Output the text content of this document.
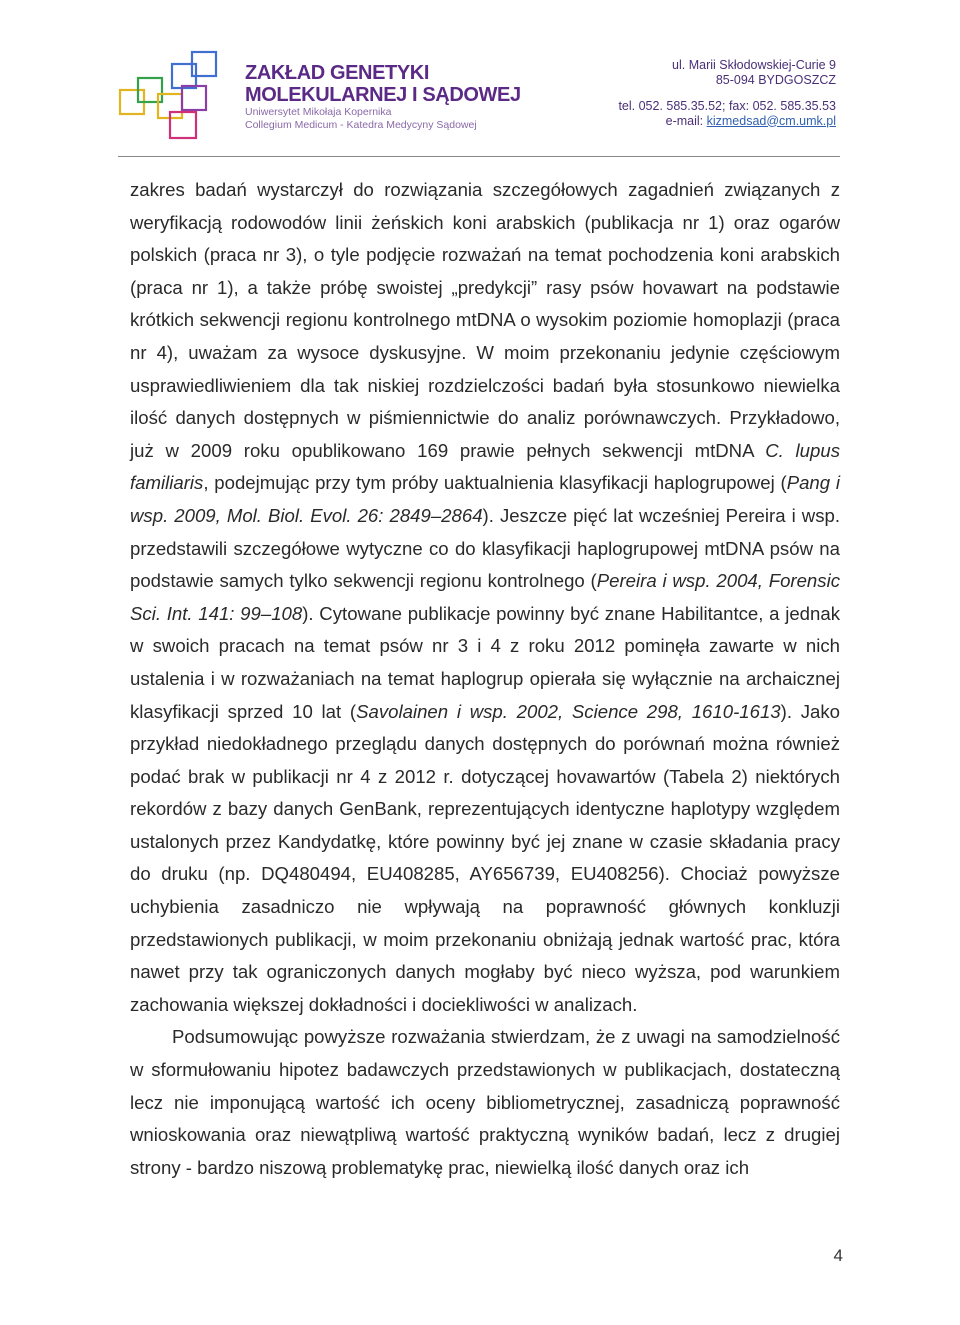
ZAKŁAD GENETYKI
MOLEKULARNEJ I SĄDOWEJ
Uniwersytet Mikołaja Kopernika
Collegium Medicum - Katedra Medycyny Sądowej
ul. Marii Skłodowskiej-Curie 9
85-094 BYDGOSZCZ
tel. 052. 585.35.52; fax: 052. 585.35.53
e-mail: kizmedsad@cm.umk.pl

zakres badań wystarczył do rozwiązania szczegółowych zagadnień związanych z weryfikacją rodowodów linii żeńskich koni arabskich (publikacja nr 1) oraz ogarów polskich (praca nr 3), o tyle podjęcie rozważań na temat pochodzenia koni arabskich (praca nr 1), a także próbę swoistej „predykcji” rasy psów hovawart na podstawie krótkich sekwencji regionu kontrolnego mtDNA o wysokim poziomie homoplazji (praca nr 4), uważam za wysoce dyskusyjne. W moim przekonaniu jedynie częściowym usprawiedliwieniem dla tak niskiej rozdzielczości badań była stosunkowo niewielka ilość danych dostępnych w piśmiennictwie do analiz porównawczych. Przykładowo, już w 2009 roku opublikowano 169 prawie pełnych sekwencji mtDNA C. lupus familiaris, podejmując przy tym próby uaktualnienia klasyfikacji haplogrupowej (Pang i wsp. 2009, Mol. Biol. Evol. 26: 2849–2864). Jeszcze pięć lat wcześniej Pereira i wsp. przedstawili szczegółowe wytyczne co do klasyfikacji haplogrupowej mtDNA psów na podstawie samych tylko sekwencji regionu kontrolnego (Pereira i wsp. 2004, Forensic Sci. Int. 141: 99–108). Cytowane publikacje powinny być znane Habilitantce, a jednak w swoich pracach na temat psów nr 3 i 4 z roku 2012 pominęła zawarte w nich ustalenia i w rozważaniach na temat haplogrup opierała się wyłącznie na archaicznej klasyfikacji sprzed 10 lat (Savolainen i wsp. 2002, Science 298, 1610-1613). Jako przykład niedokładnego przeglądu danych dostępnych do porównań można również podać brak w publikacji nr 4 z 2012 r. dotyczącej hovawartów (Tabela 2) niektórych rekordów z bazy danych GenBank, reprezentujących identyczne haplotypy względem ustalonych przez Kandydatkę, które powinny być jej znane w czasie składania pracy do druku (np. DQ480494, EU408285, AY656739, EU408256). Chociaż powyższe uchybienia zasadniczo nie wpływają na poprawność głównych konkluzji przedstawionych publikacji, w moim przekonaniu obniżają jednak wartość prac, która nawet przy tak ograniczonych danych mogłaby być nieco wyższa, pod warunkiem zachowania większej dokładności i dociekliwości w analizach.

Podsumowując powyższe rozważania stwierdzam, że z uwagi na samodzielność w sformułowaniu hipotez badawczych przedstawionych w publikacjach, dostateczną lecz nie imponującą wartość ich oceny bibliometrycznej, zasadniczą poprawność wnioskowania oraz niewątpliwą wartość praktyczną wyników badań, lecz z drugiej strony - bardzo niszową problematykę prac, niewielką ilość danych oraz ich

4
